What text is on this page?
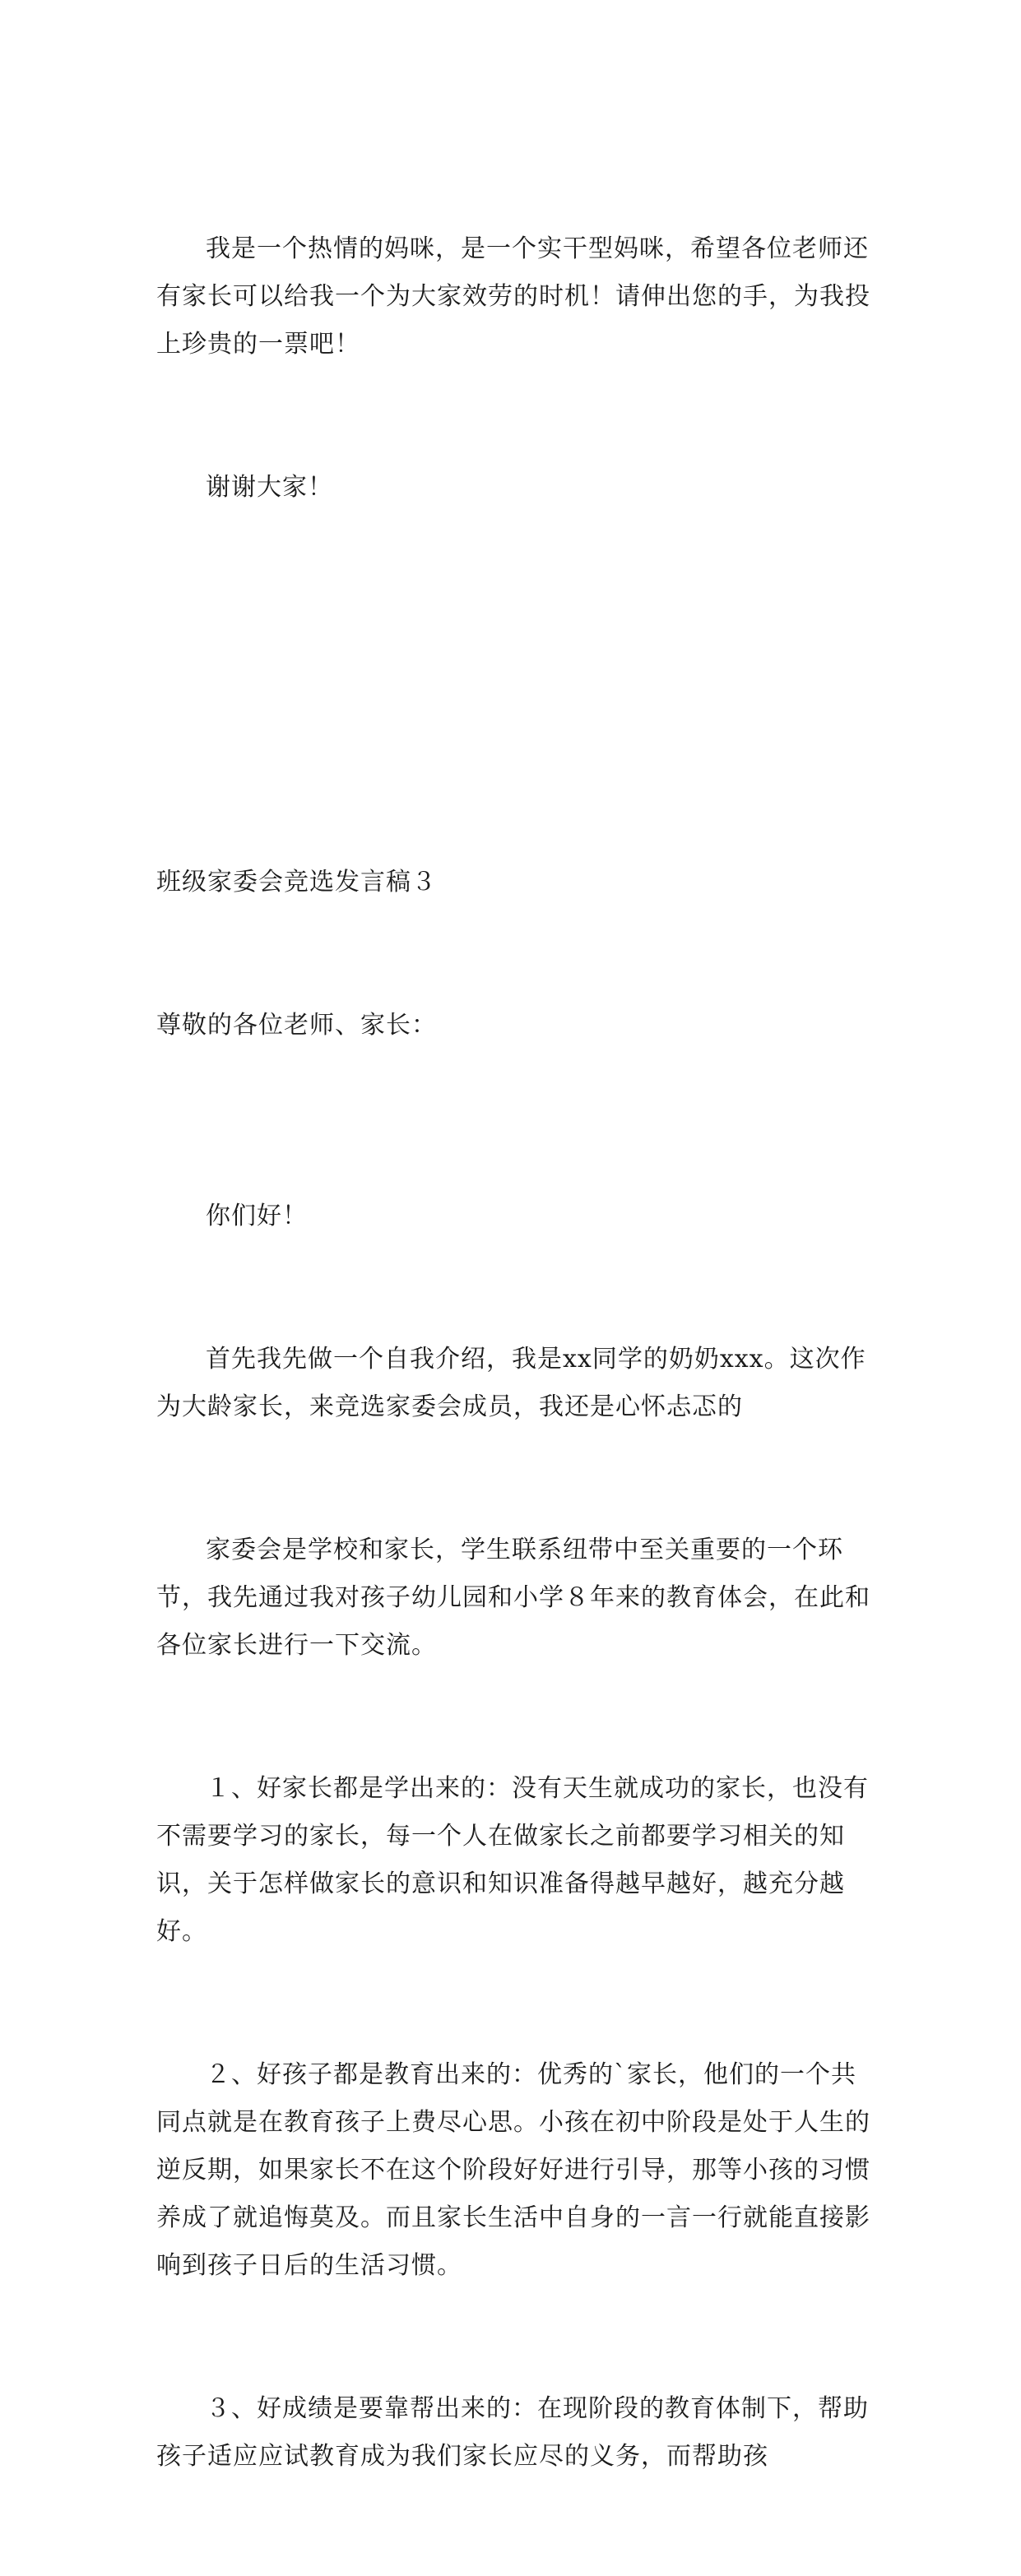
我是一个热情的妈咪，是一个实干型妈咪，希望各位老师还有家长可以给我一个为大家效劳的时机！请伸出您的手，为我投上珍贵的一票吧！

谢谢大家！

班级家委会竞选发言稿３

尊敬的各位老师、家长：

你们好！

首先我先做一个自我介绍，我是xx同学的奶奶xxx。这次作为大龄家长，来竞选家委会成员，我还是心怀忐忑的

家委会是学校和家长，学生联系纽带中至关重要的一个环节，我先通过我对孩子幼儿园和小学８年来的教育体会，在此和各位家长进行一下交流。

１、好家长都是学出来的：没有天生就成功的家长，也没有不需要学习的家长，每一个人在做家长之前都要学习相关的知识，关于怎样做家长的意识和知识准备得越早越好，越充分越好。

２、好孩子都是教育出来的：优秀的`家长，他们的一个共同点就是在教育孩子上费尽心思。小孩在初中阶段是处于人生的逆反期，如果家长不在这个阶段好好进行引导，那等小孩的习惯养成了就追悔莫及。而且家长生活中自身的一言一行就能直接影响到孩子日后的生活习惯。

３、好成绩是要靠帮出来的：在现阶段的教育体制下，帮助孩子适应应试教育成为我们家长应尽的义务，而帮助孩
